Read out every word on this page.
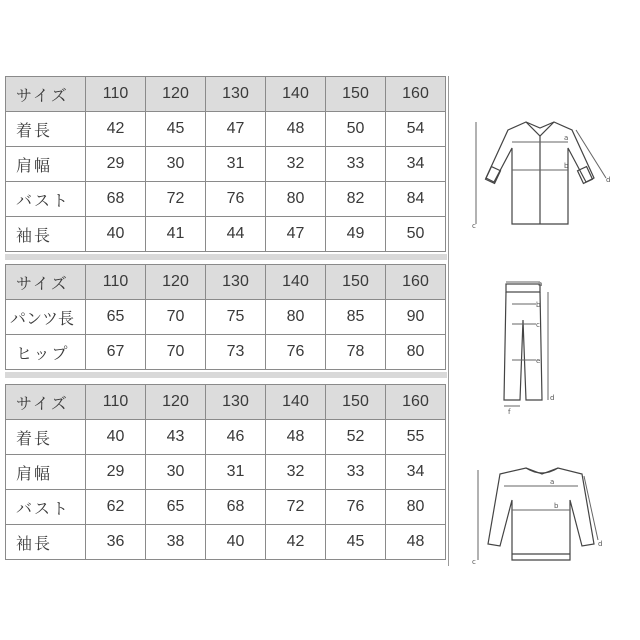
サイズ	110	120	130	140	150	160
着長	42	45	47	48	50	54
肩幅	29	30	31	32	33	34
バスト	68	72	76	80	82	84
袖長	40	41	44	47	49	50
サイズ	110	120	130	140	150	160
パンツ長	65	70	75	80	85	90
ヒップ	67	70	73	76	78	80
サイズ	110	120	130	140	150	160
着長	40	43	46	48	52	55
肩幅	29	30	31	32	33	34
バスト	62	65	68	72	76	80
袖長	36	38	40	42	45	48
a
b
c
d
a
b
c
e
d
f
a
b
c
d
